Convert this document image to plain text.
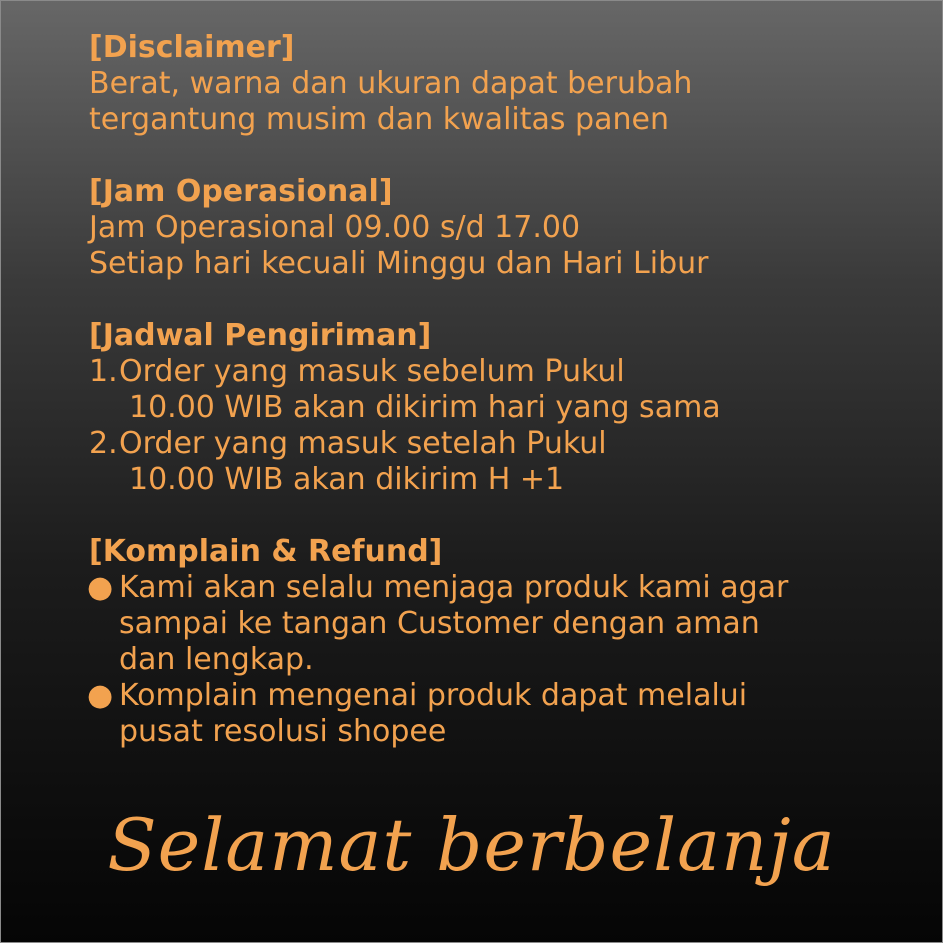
[Disclaimer]
Berat, warna dan ukuran dapat berubah
tergantung musim dan kwalitas panen
[Jam Operasional]
Jam Operasional 09.00 s/d 17.00
Setiap hari kecuali Minggu dan Hari Libur
[Jadwal Pengiriman]
1.Order yang masuk sebelum Pukul
10.00 WIB akan dikirim hari yang sama
2.Order yang masuk setelah Pukul
10.00 WIB akan dikirim H +1
[Komplain & Refund]
● Kami akan selalu menjaga produk kami agar
sampai ke tangan Customer dengan aman
dan lengkap.
● Komplain mengenai produk dapat melalui
pusat resolusi shopee
Selamat berbelanja
